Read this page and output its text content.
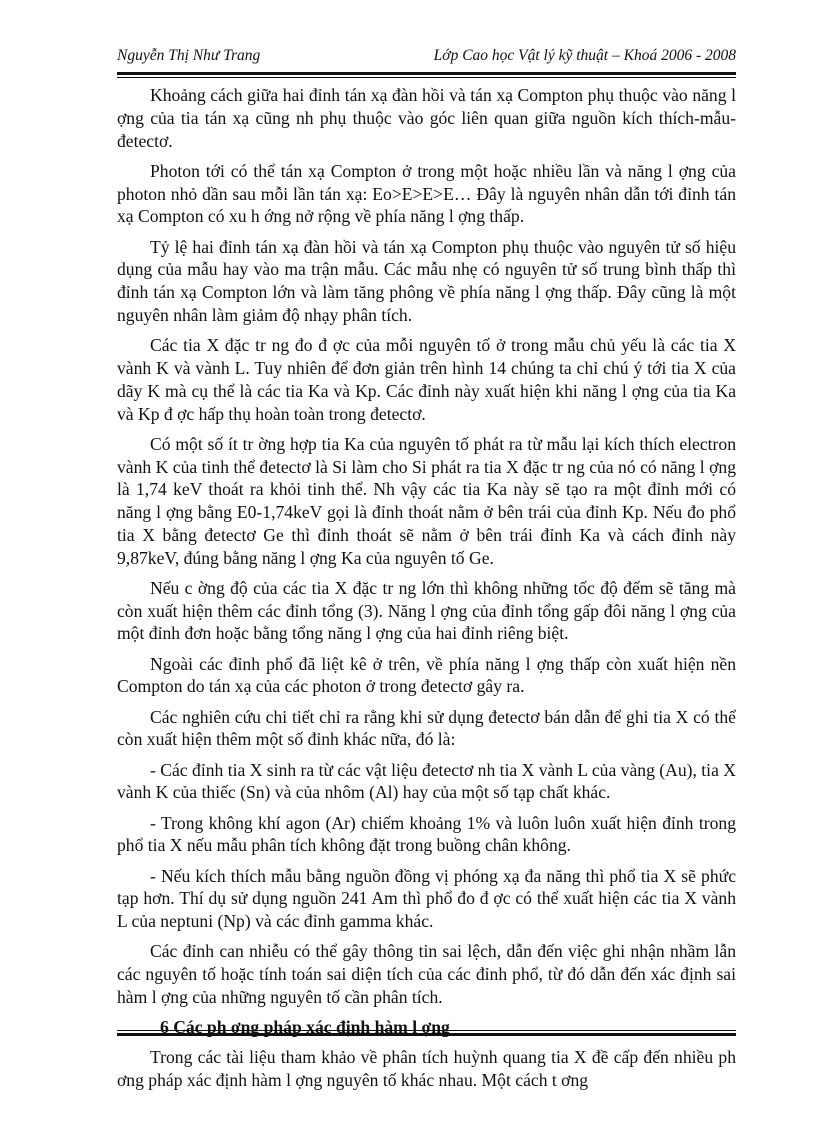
Nguyễn Thị Như Trang	Lớp Cao học Vật lý kỹ thuật – Khoá 2006 - 2008

Khoảng cách giữa hai đỉnh tán xạ đàn hồi và tán xạ Compton phụ thuộc vào năng l ợng của tia tán xạ cũng nh phụ thuộc vào góc liên quan giữa nguồn kích thích-mẫu-đetectơ.

Photon tới có thể tán xạ Compton ở trong một hoặc nhiều lần và năng l ợng của photon nhỏ dần sau mỗi lần tán xạ: Eo>E>E>E… Đây là nguyên nhân dẫn tới đỉnh tán xạ Compton có xu h ớng nở rộng về phía năng l ợng thấp.

Tỷ lệ hai đỉnh tán xạ đàn hồi và tán xạ Compton phụ thuộc vào nguyên tử số hiệu dụng của mẫu hay vào ma trận mẫu. Các mẫu nhẹ có nguyên tử số trung bình thấp thì đỉnh tán xạ Compton lớn và làm tăng phông về phía năng l ợng thấp. Đây cũng là một nguyên nhân làm giảm độ nhạy phân tích.

Các tia X đặc tr ng đo đ ợc của mỗi nguyên tố ở trong mẫu chủ yếu là các tia X vành K và vành L. Tuy nhiên để đơn giản trên hình 14 chúng ta chỉ chú ý tới tia X của dãy K mà cụ thể là các tia Ka và Kp. Các đỉnh này xuất hiện khi năng l ợng của tia Ka và Kp đ ợc hấp thụ hoàn toàn trong đetectơ.

Có một số ít tr ờng hợp tia Ka của nguyên tố phát ra từ mẫu lại kích thích electron vành K của tinh thể đetectơ là Si làm cho Si phát ra tia X đặc tr ng của nó có năng l ợng là 1,74 keV thoát ra khỏi tinh thể. Nh vậy các tia Ka này sẽ tạo ra một đỉnh mới có năng l ợng bằng E0-1,74keV gọi là đỉnh thoát nằm ở bên trái của đỉnh Kp. Nếu đo phổ tia X bằng đetectơ Ge thì đỉnh thoát sẽ nằm ở bên trái đỉnh Ka và cách đỉnh này 9,87keV, đúng bằng năng l ợng Ka của nguyên tố Ge.

Nếu c ờng độ của các tia X đặc tr ng lớn thì không những tốc độ đếm sẽ tăng mà còn xuất hiện thêm các đỉnh tổng (3). Năng l ợng của đỉnh tổng gấp đôi năng l ợng của một đỉnh đơn hoặc bằng tổng năng l ợng của hai đỉnh riêng biệt.

Ngoài các đỉnh phổ đã liệt kê ở trên, về phía năng l ợng thấp còn xuất hiện nền Compton do tán xạ của các photon ở trong đetectơ gây ra.

Các nghiên cứu chi tiết chỉ ra rằng khi sử dụng đetectơ bán dẫn để ghi tia X có thể còn xuất hiện thêm một số đỉnh khác nữa, đó là:

- Các đỉnh tia X sinh ra từ các vật liệu đetectơ nh tia X vành L của vàng (Au), tia X vành K của thiếc (Sn) và của nhôm (Al) hay của một số tạp chất khác.

- Trong không khí agon (Ar) chiếm khoảng 1% và luôn luôn xuất hiện đỉnh trong phổ tia X nếu mẫu phân tích không đặt trong buồng chân không.

- Nếu kích thích mẫu bằng nguồn đồng vị phóng xạ đa năng thì phổ tia X sẽ phức tạp hơn. Thí dụ sử dụng nguồn 241 Am thì phổ đo đ ợc có thể xuất hiện các tia X vành L của neptuni (Np) và các đỉnh gamma khác.

Các đỉnh can nhiễu có thể gây thông tin sai lệch, dẫn đến việc ghi nhận nhầm lẫn các nguyên tố hoặc tính toán sai diện tích của các đỉnh phổ, từ đó dẫn đến xác định sai hàm l ợng của những nguyên tố cần phân tích.

6 Các ph ơng pháp xác định hàm l ợng

Trong các tài liệu tham khảo về phân tích huỳnh quang tia X đề cấp đến nhiều ph ơng pháp xác định hàm l ợng nguyên tố khác nhau. Một cách t ơng
